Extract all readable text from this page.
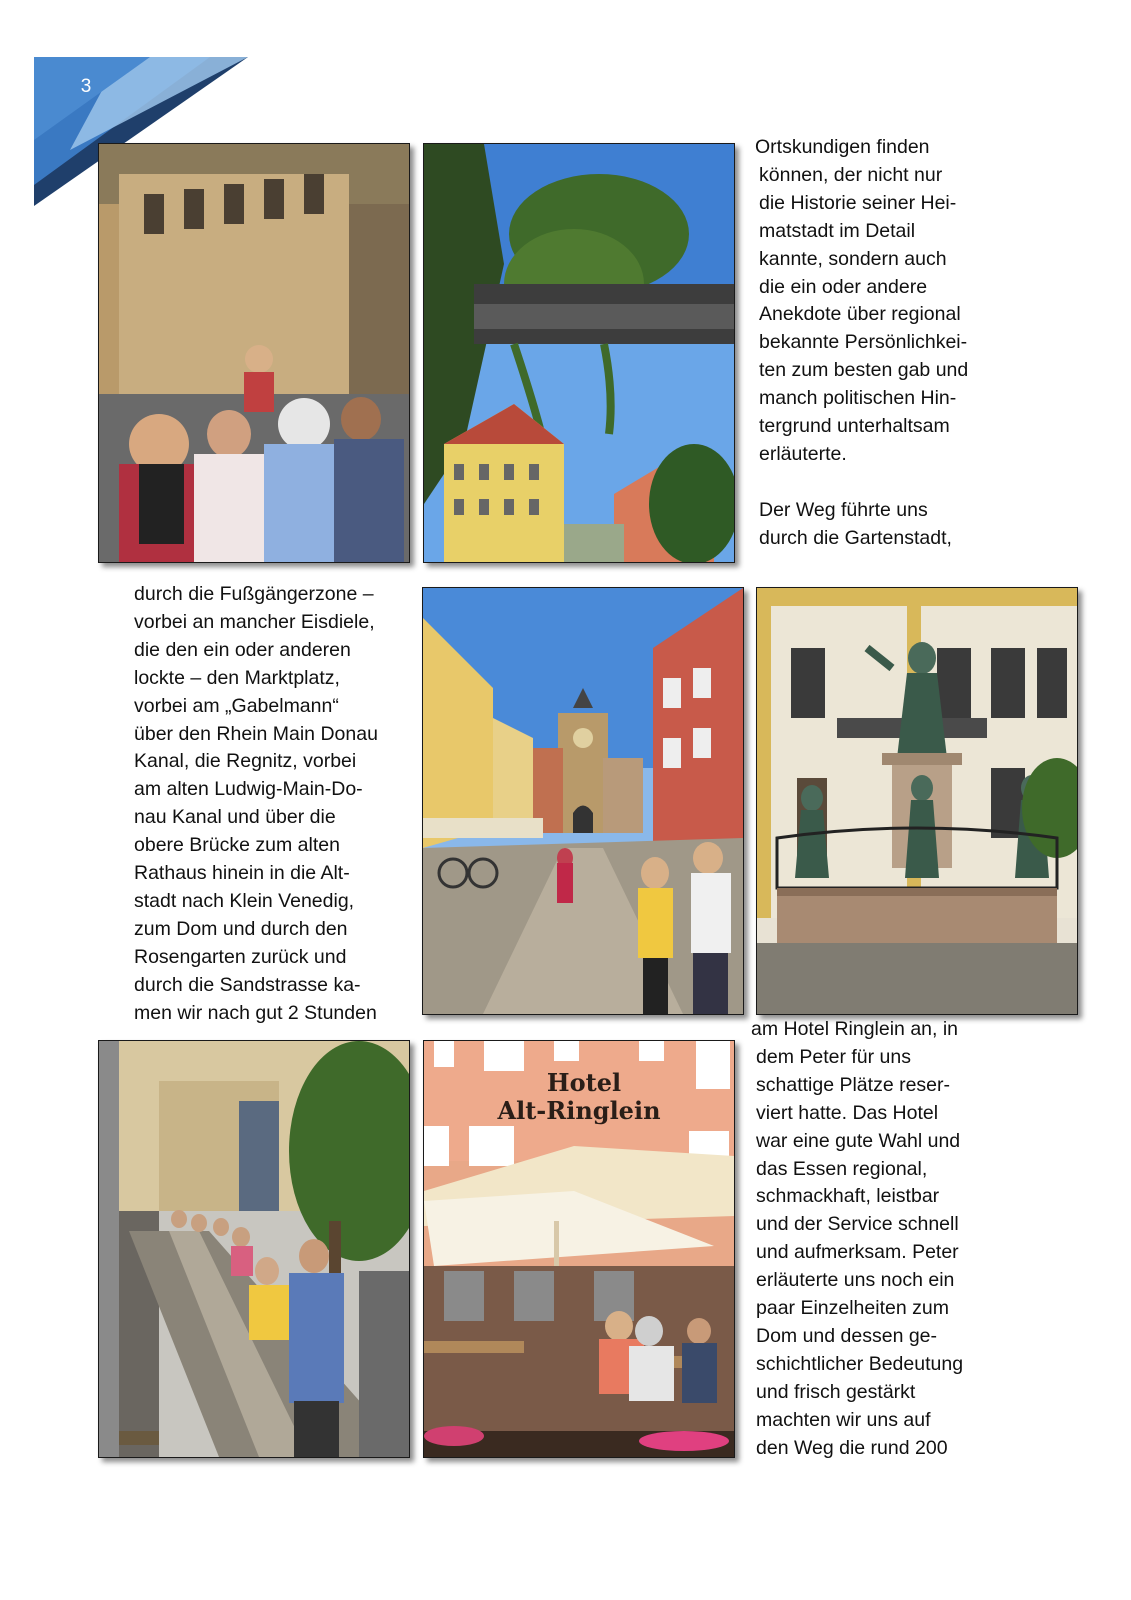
3

Ortskundigen finden
können, der nicht nur
die Historie seiner Hei-
matstadt im Detail
kannte, sondern auch
die ein oder andere
Anekdote über regional
bekannte Persönlichkei-
ten zum besten gab und
manch politischen Hin-
tergrund unterhaltsam
erläuterte.

Der Weg führte uns
durch die Gartenstadt,

durch die Fußgängerzone –
vorbei an mancher Eisdiele,
die den ein oder anderen
lockte – den Marktplatz,
vorbei am „Gabelmann“
über den Rhein Main Donau
Kanal, die Regnitz, vorbei
am alten Ludwig-Main-Do-
nau Kanal und über die
obere Brücke zum alten
Rathaus hinein in die Alt-
stadt nach Klein Venedig,
zum Dom und durch den
Rosengarten zurück und
durch die Sandstrasse ka-
men wir nach gut 2 Stunden

Hotel
Alt-Ringlein

am Hotel Ringlein an, in
dem Peter für uns
schattige Plätze reser-
viert hatte. Das Hotel
war eine gute Wahl und
das Essen regional,
schmackhaft, leistbar
und der Service schnell
und aufmerksam. Peter
erläuterte uns noch ein
paar Einzelheiten zum
Dom und dessen ge-
schichtlicher Bedeutung
und frisch gestärkt
machten wir uns auf
den Weg die rund 200
